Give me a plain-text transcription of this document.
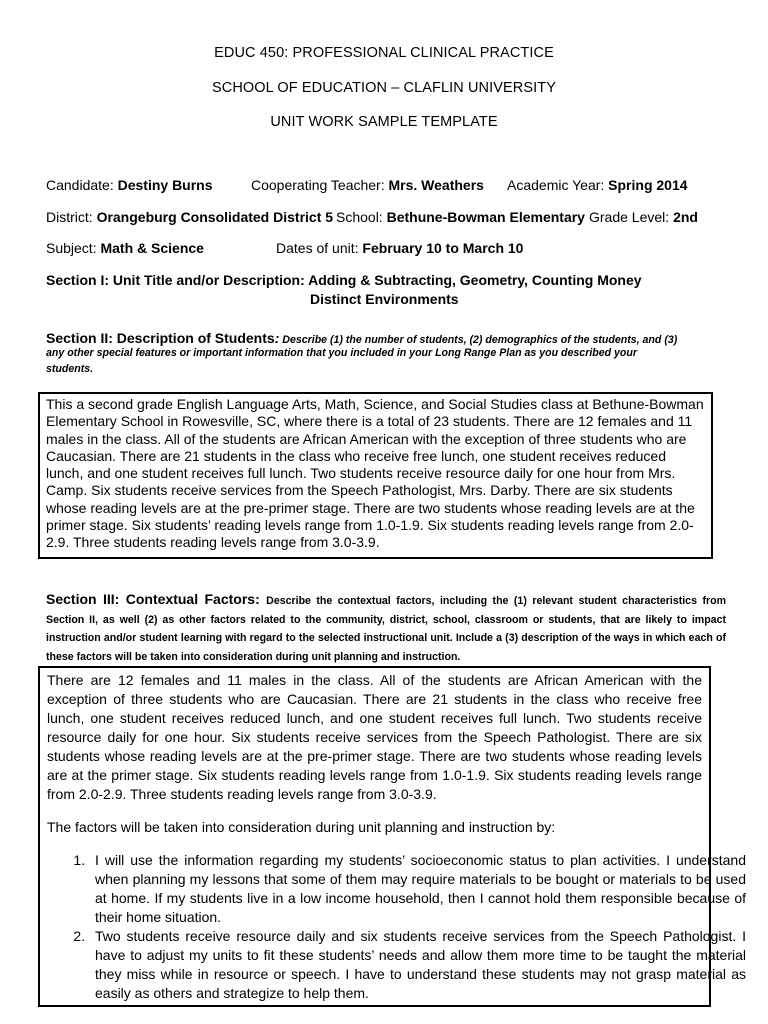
EDUC 450: PROFESSIONAL CLINICAL PRACTICE
SCHOOL OF EDUCATION – CLAFLIN UNIVERSITY
UNIT WORK SAMPLE TEMPLATE
Candidate: Destiny Burns	Cooperating Teacher: Mrs. Weathers Academic Year: Spring 2014
District: Orangeburg Consolidated District 5 School: Bethune-Bowman Elementary Grade Level: 2nd
Subject: Math & Science	Dates of unit: February 10 to March 10
Section I: Unit Title and/or Description: Adding & Subtracting, Geometry, Counting Money
Distinct Environments
Section II: Description of Students: Describe (1) the number of students, (2) demographics of the students, and (3)
any other special features or important information that you included in your Long Range Plan as you described your
students.
This a second grade English Language Arts, Math, Science, and Social Studies class at Bethune-Bowman Elementary School in Rowesville, SC, where there is a total of 23 students. There are 12 females and 11 males in the class. All of the students are African American with the exception of three students who are Caucasian. There are 21 students in the class who receive free lunch, one student receives reduced lunch, and one student receives full lunch. Two students receive resource daily for one hour from Mrs. Camp. Six students receive services from the Speech Pathologist, Mrs. Darby. There are six students whose reading levels are at the pre-primer stage. There are two students whose reading levels are at the primer stage. Six students’ reading levels range from 1.0-1.9. Six students reading levels range from 2.0-2.9. Three students reading levels range from 3.0-3.9.
Section III: Contextual Factors: Describe the contextual factors, including the (1) relevant student characteristics from Section II, as well (2) as other factors related to the community, district, school, classroom or students, that are likely to impact instruction and/or student learning with regard to the selected instructional unit. Include a (3) description of the ways in which each of these factors will be taken into consideration during unit planning and instruction.
There are 12 females and 11 males in the class. All of the students are African American with the exception of three students who are Caucasian. There are 21 students in the class who receive free lunch, one student receives reduced lunch, and one student receives full lunch. Two students receive resource daily for one hour. Six students receive services from the Speech Pathologist. There are six students whose reading levels are at the pre-primer stage. There are two students whose reading levels are at the primer stage. Six students reading levels range from 1.0-1.9. Six students reading levels range from 2.0-2.9. Three students reading levels range from 3.0-3.9.
The factors will be taken into consideration during unit planning and instruction by:
1. I will use the information regarding my students’ socioeconomic status to plan activities. I understand when planning my lessons that some of them may require materials to be bought or materials to be used at home. If my students live in a low income household, then I cannot hold them responsible because of their home situation.
2. Two students receive resource daily and six students receive services from the Speech Pathologist. I have to adjust my units to fit these students’ needs and allow them more time to be taught the material they miss while in resource or speech. I have to understand these students may not grasp material as easily as others and strategize to help them.
